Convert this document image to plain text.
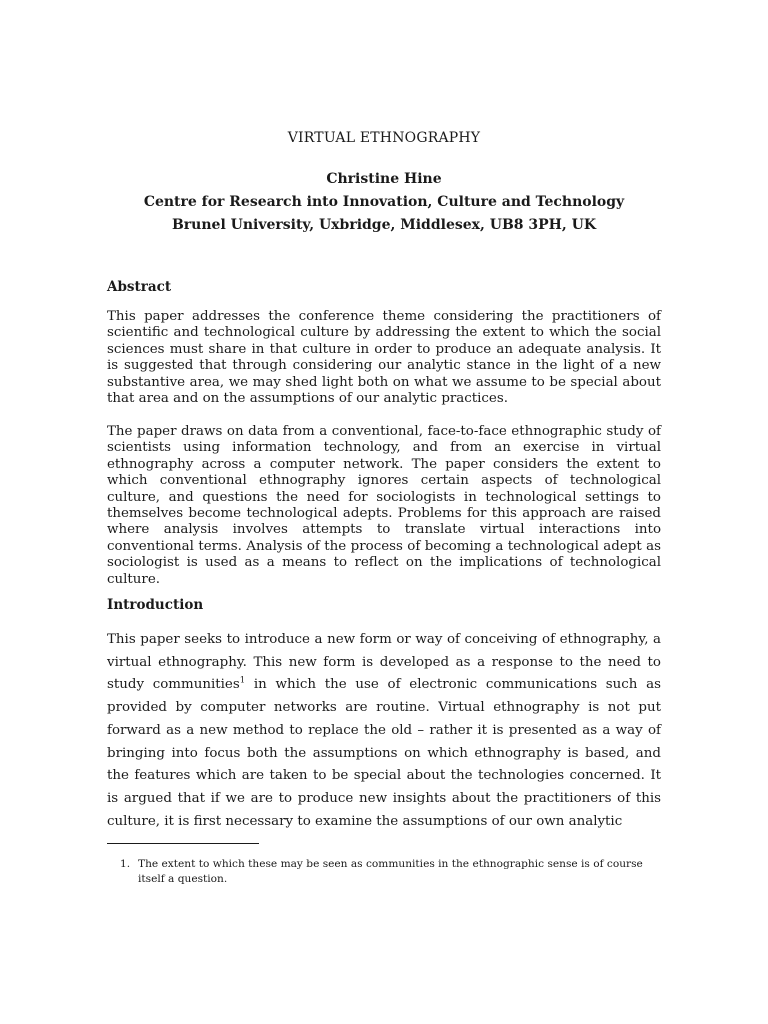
VIRTUAL ETHNOGRAPHY
Christine Hine
Centre for Research into Innovation, Culture and Technology
Brunel University, Uxbridge, Middlesex, UB8 3PH, UK
Abstract

This paper addresses the conference theme considering the practitioners of scientific and technological culture by addressing the extent to which the social sciences must share in that culture in order to produce an adequate analysis. It is suggested that through considering our analytic stance in the light of a new substantive area, we may shed light both on what we assume to be special about that area and on the assumptions of our analytic practices.

The paper draws on data from a conventional, face-to-face ethnographic study of scientists using information technology, and from an exercise in virtual ethnography across a computer network. The paper considers the extent to which conventional ethnography ignores certain aspects of technological culture, and questions the need for sociologists in technological settings to themselves become technological adepts. Problems for this approach are raised where analysis involves attempts to translate virtual interactions into conventional terms. Analysis of the process of becoming a technological adept as sociologist is used as a means to reflect on the implications of technological culture.

Introduction

This paper seeks to introduce a new form or way of conceiving of ethnography, a virtual ethnography. This new form is developed as a response to the need to study communities$^1$ in which the use of electronic communications such as provided by computer networks are routine. Virtual ethnography is not put forward as a new method to replace the old – rather it is presented as a way of bringing into focus both the assumptions on which ethnography is based, and the features which are taken to be special about the technologies concerned. It is argued that if we are to produce new insights about the practitioners of this culture, it is first necessary to examine the assumptions of our own analytic

1. The extent to which these may be seen as communities in the ethnographic sense is of course itself a question.
